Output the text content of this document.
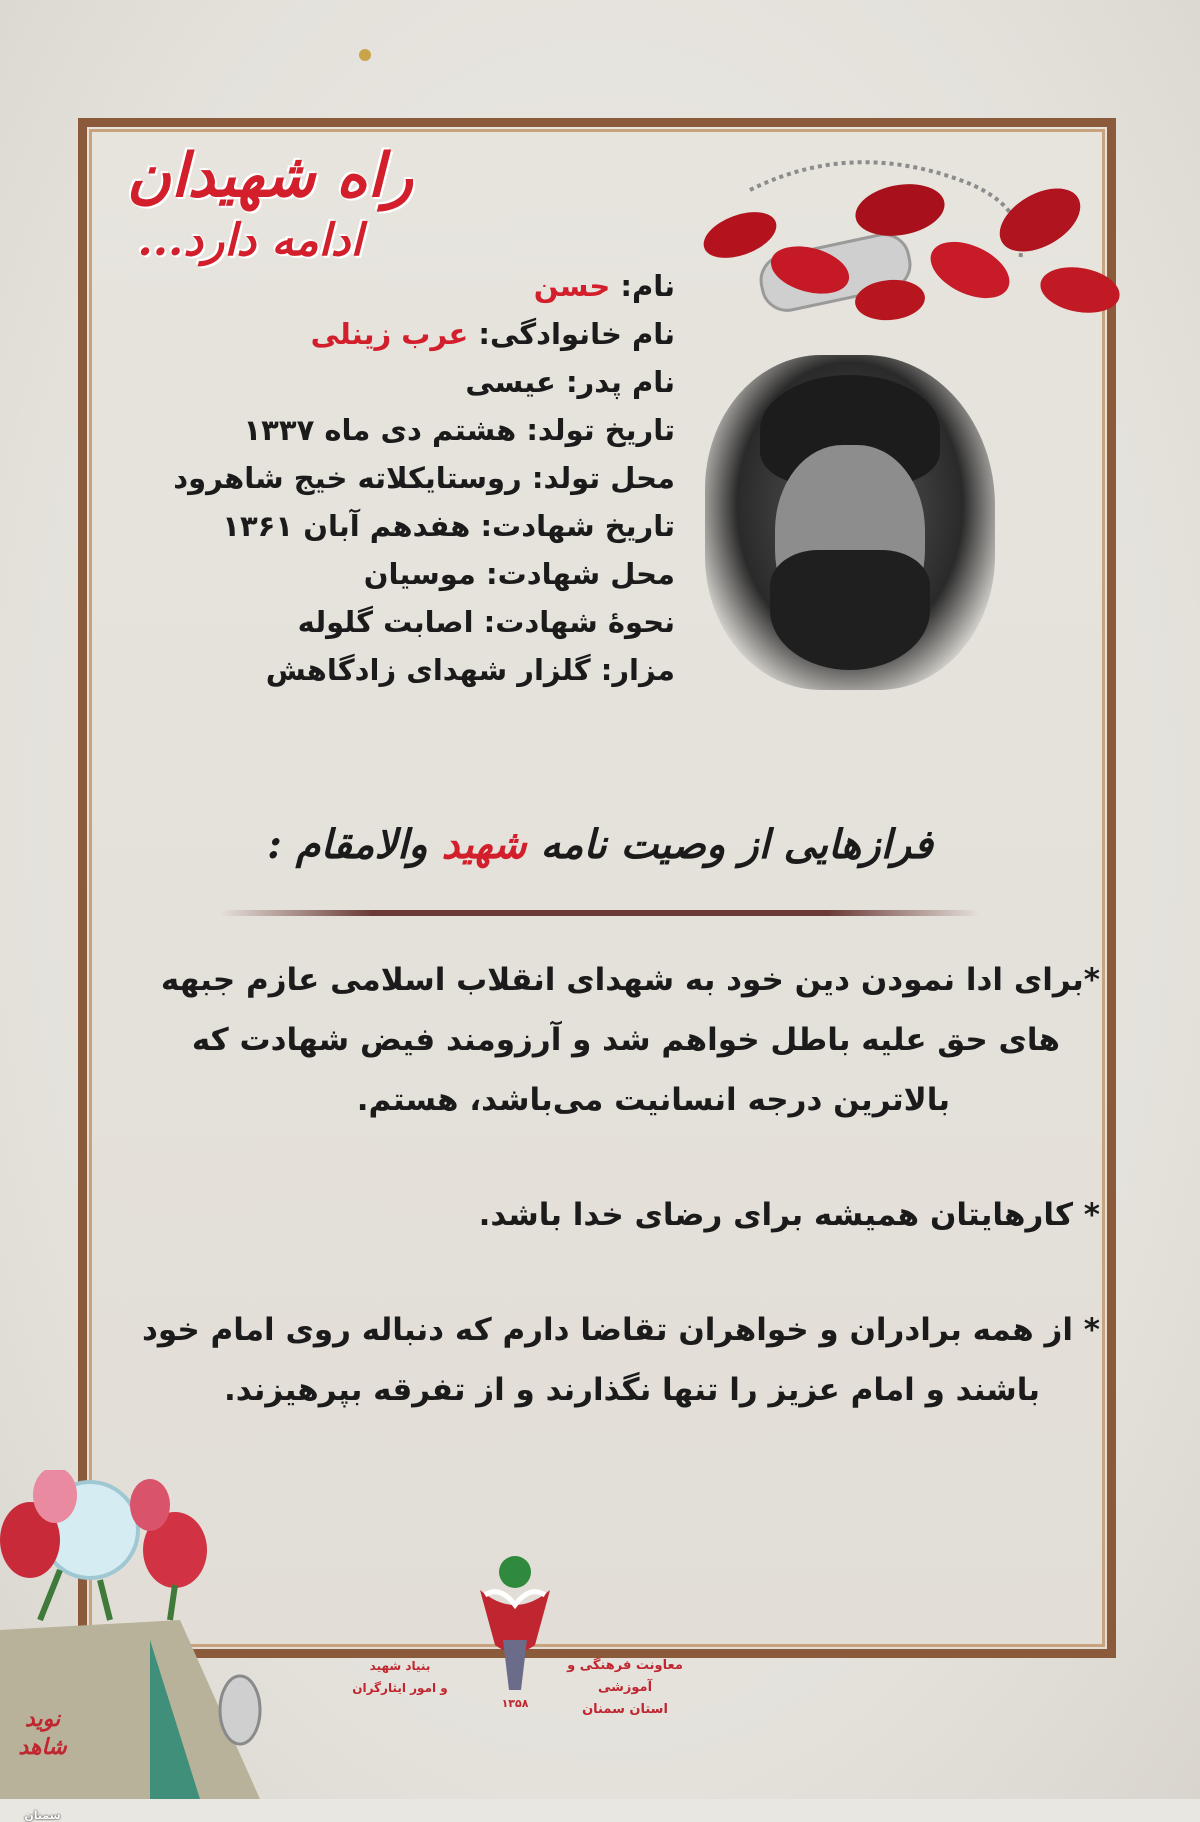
راه شهیدان
ادامه دارد...
نام: حسن
نام خانوادگی: عرب زینلی
نام پدر: عیسی
تاریخ تولد: هشتم دی ماه ۱۳۳۷
محل تولد: روستایکلاته خیج شاهرود
تاریخ شهادت: هفدهم آبان ۱۳۶۱
محل شهادت: موسیان
نحوۀ شهادت: اصابت گلوله
مزار: گلزار شهدای زادگاهش
فرازهایی از وصیت نامه شهید والامقام :

*برای ادا نمودن دین خود به شهدای انقلاب اسلامی عازم جبهه
های حق علیه باطل خواهم شد و آرزومند فیض شهادت که
بالاترین درجه انسانیت می‌باشد، هستم.

* کارهایتان همیشه برای رضای خدا باشد.

* از همه برادران و خواهران تقاضا دارم که دنباله روی امام خود
باشند و امام عزیز را تنها نگذارند و از تفرقه بپرهیزند.

بنیاد شهید
و امور ایثارگران
معاونت فرهنگی و آموزشی
استان سمنان
۱۳۵۸
نوید شاهد
سمنان
